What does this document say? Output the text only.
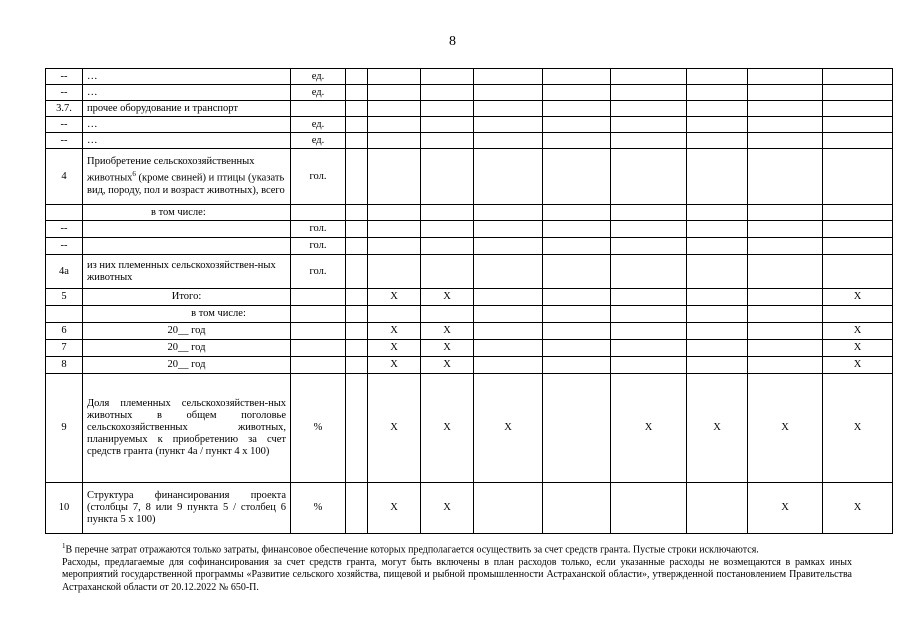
8
--	…	ед.									
--	…	ед.									
3.7.	прочее оборудование и транспорт										
--	…	ед.									
--	…	ед.									
4	Приобретение сельскохозяйственных животных$^6$ (кроме свиней) и птицы (указать вид, породу, пол и возраст животных), всего	гол.									
	в том числе:										
--		гол.									
--		гол.									
4а	из них племенных сельскохозяйствен-ных животных	гол.									
5	Итого:			Х	Х						Х
	в том числе:										
6	20__ год			Х	Х						Х
7	20__ год			Х	Х						Х
8	20__ год			Х	Х						Х
9	Доля племенных сельскохозяйствен-ных животных в общем поголовье сельскохозяйственных животных, планируемых к приобретению за счет средств гранта (пункт 4а / пункт 4 х 100)	%		Х	Х	Х		Х	Х	Х	Х
10	Структура финансирования проекта (столбцы 7, 8 или 9 пункта 5 / столбец 6 пункта 5 х 100)	%		Х	Х					Х	Х

$^1$В перечне затрат отражаются только затраты, финансовое обеспечение которых предполагается осуществить за счет средств гранта. Пустые строки исключаются.

Расходы, предлагаемые для софинансирования за счет средств гранта, могут быть включены в план расходов только, если указанные расходы не возмещаются в рамках иных мероприятий государственной программы «Развитие сельского хозяйства, пищевой и рыбной промышленности Астраханской области», утвержденной постановлением Правительства Астраханской области от 20.12.2022 № 650-П.
